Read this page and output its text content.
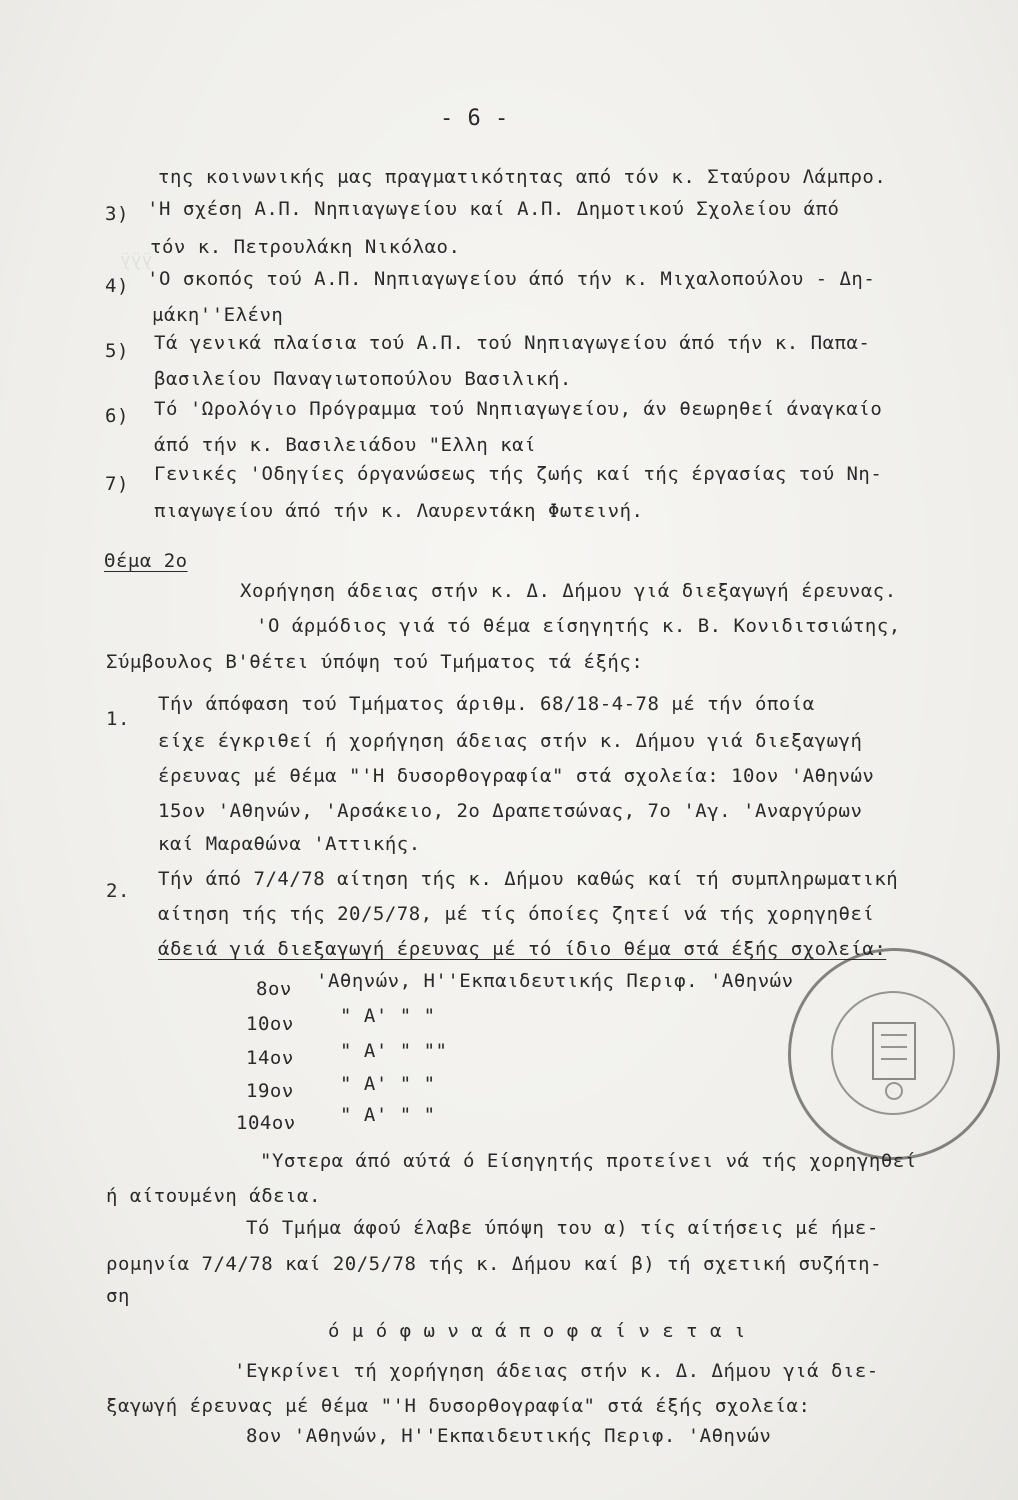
ÿÿÿ
- 6 -
της κοινωνικής μας πραγματικότητας από τόν κ. Σταύρου Λάμπρο.
3) 'Η σχέση Α.Π. Νηπιαγωγείου καί Α.Π. Δημοτικού Σχολείου άπό
τόν κ. Πετρουλάκη Νικόλαο.
4) 'Ο σκοπός τού Α.Π. Νηπιαγωγείου άπό τήν κ. Μιχαλοπούλου - Δη-
μάκη''Ελένη
5) Τά γενικά πλαίσια τού Α.Π. τού Νηπιαγωγείου άπό τήν κ. Παπα-
βασιλείου Παναγιωτοπούλου Βασιλική.
6) Τό 'Ωρολόγιο Πρόγραμμα τού Νηπιαγωγείου, άν θεωρηθεί άναγκαίο
άπό τήν κ. Βασιλειάδου "Ελλη καί
7) Γενικές 'Οδηγίες όργανώσεως τής ζωής καί τής έργασίας τού Νη-
πιαγωγείου άπό τήν κ. Λαυρεντάκη Φωτεινή.
Θέμα 2ο
Χορήγηση άδειας στήν κ. Δ. Δήμου γιά διεξαγωγή έρευνας.
'Ο άρμόδιος γιά τό θέμα είσηγητής κ. Β. Κονιδιτσιώτης,
Σύμβουλος Β'θέτει ύπόψη τού Τμήματος τά έξής:
1.
Τήν άπόφαση τού Τμήματος άριθμ. 68/18-4-78 μέ τήν όποία
είχε έγκριθεί ή χορήγηση άδειας στήν κ. Δήμου γιά διεξαγωγή
έρευνας μέ θέμα "'Η δυσορθογραφία" στά σχολεία: 10ον 'Αθηνών
15ον 'Αθηνών, 'Αρσάκειο, 2ο Δραπετσώνας, 7ο 'Αγ. 'Αναργύρων
καί Μαραθώνα 'Αττικής.
2.
Τήν άπό 7/4/78 αίτηση τής κ. Δήμου καθώς καί τή συμπληρωματική
αίτηση τής τής 20/5/78, μέ τίς όποίες ζητεί νά τής χορηγηθεί
άδειά γιά διεξαγωγή έρευνας μέ τό ίδιο θέμα στά έξής σχολεία:
8ον 'Αθηνών, Η''Εκπαιδευτικής Περιφ. 'Αθηνών
10ον " Α' " "
14ον " Α' " ""
19ον " Α' " "
104ον " Α' " "
"Υστερα άπό αύτά ό Είσηγητής προτείνει νά τής χορηγηθεί
ή αίτουμένη άδεια.
Τό Τμήμα άφού έλαβε ύπόψη του α) τίς αίτήσεις μέ ήμε-
ρομηνία 7/4/78 καί 20/5/78 τής κ. Δήμου καί β) τή σχετική συζήτη-
ση
ό μ ό φ ω ν α ά π ο φ α ί ν ε τ α ι
'Εγκρίνει τή χορήγηση άδειας στήν κ. Δ. Δήμου γιά διε-
ξαγωγή έρευνας μέ θέμα "'Η δυσορθογραφία" στά έξής σχολεία:
8ον 'Αθηνών, Η''Εκπαιδευτικής Περιφ. 'Αθηνών
